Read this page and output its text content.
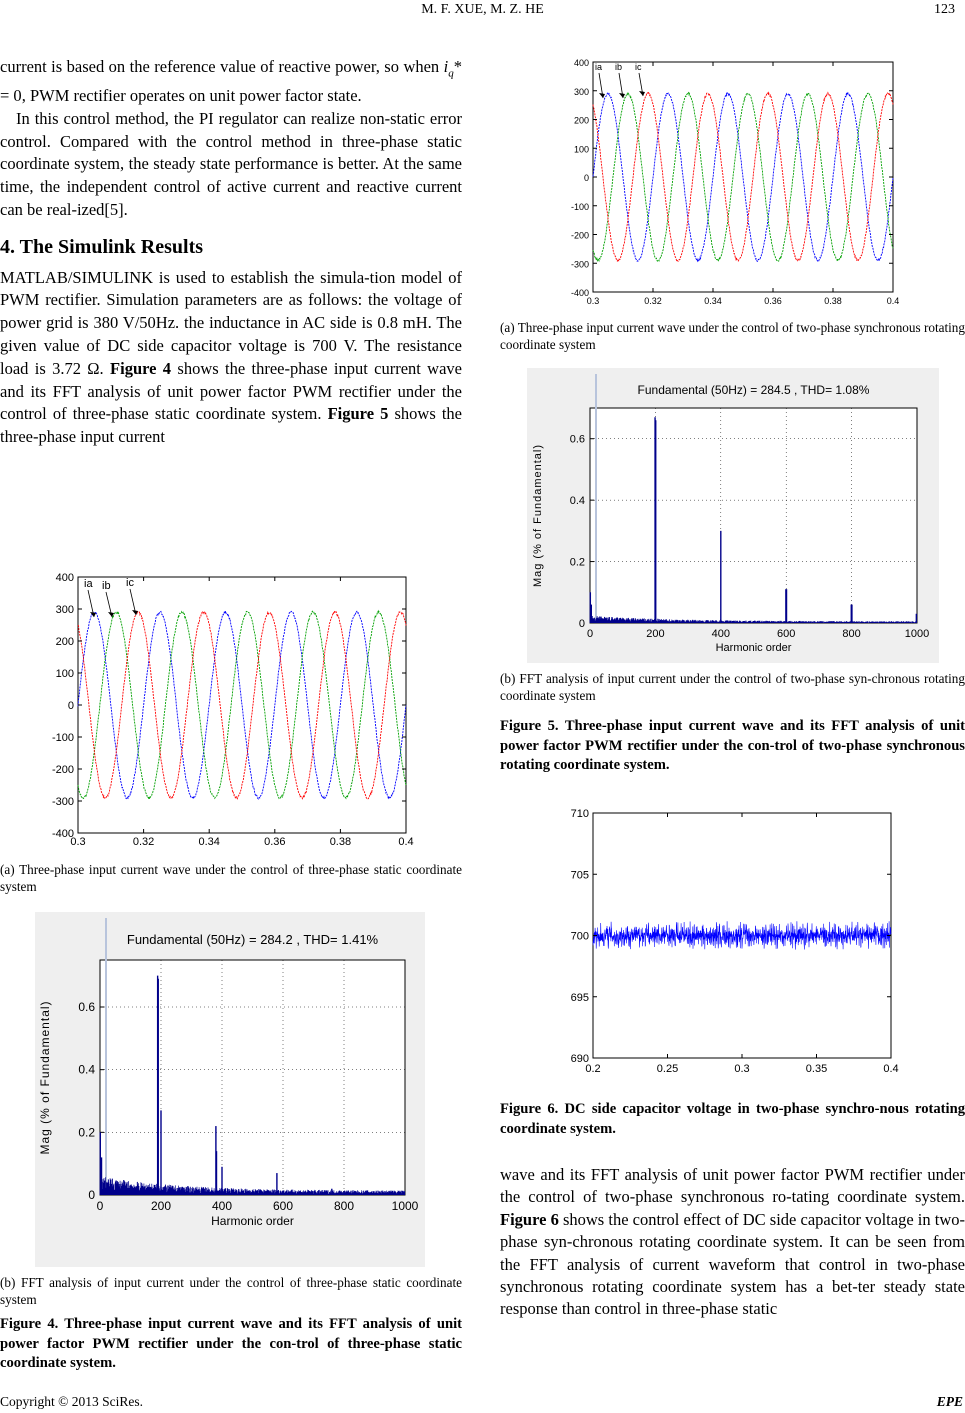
M. F. XUE, M. Z. HE	123

current is based on the reference value of reactive power, so when $i_q* = 0$, PWM rectifier operates on unit power factor state.

In this control method, the PI regulator can realize non-static error control. Compared with the control method in three-phase static coordinate system, the steady state performance is better. At the same time, the independent control of active current and reactive current can be real-ized[5].

4. The Simulink Results

MATLAB/SIMULINK is used to establish the simula-tion model of PWM rectifier. Simulation parameters are as follows: the voltage of power grid is 380 V/50Hz. the inductance in AC side is 0.8 mH. The given value of DC side capacitor voltage is 700 V. The resistance load is 3.72 Ω. Figure 4 shows the three-phase input current wave and its FFT analysis of unit power factor PWM rectifier under the control of three-phase static coordinate system. Figure 5 shows the three-phase input current

ia ib ic
0.3	0.32	0.34	0.36	0.38	0.4
400
300
200
100
0
-100
-200
-300
-400
(a) Three-phase input current wave under the control of three-phase static coordinate system
0
0.2
0.4
0.6
0	200	400	600	800	1000
Fundamental (50Hz) = 284.2 , THD= 1.41%
Harmonic order
Mag (% of Fundamental)
(b) FFT analysis of input current under the control of three-phase static coordinate system
Figure 4. Three-phase input current wave and its FFT analysis of unit power factor PWM rectifier under the con-trol of three-phase static coordinate system.
ia ib ic
0.3	0.32	0.34	0.36	0.38	0.4
400
300
200
100
0
-100
-200
-300
-400
(a) Three-phase input current wave under the control of two-phase synchronous rotating coordinate system
0
0.2
0.4
0.6
0	200	400	600	800	1000
Fundamental (50Hz) = 284.5 , THD= 1.08%
Harmonic order
Mag (% of Fundamental)
(b) FFT analysis of input current under the control of two-phase syn-chronous rotating coordinate system
Figure 5. Three-phase input current wave and its FFT analysis of unit power factor PWM rectifier under the con-trol of two-phase synchronous rotating coordinate system.
0.2	0.25	0.3	0.35	0.4
710
705
700
695
690
Figure 6. DC side capacitor voltage in two-phase synchro-nous rotating coordinate system.

wave and its FFT analysis of unit power factor PWM rectifier under the control of two-phase synchronous ro-tating coordinate system. Figure 6 shows the control effect of DC side capacitor voltage in two-phase syn-chronous rotating coordinate system. It can be seen from the FFT analysis of current waveform that control in two-phase synchronous rotating coordinate system has a bet-ter steady state response than control in three-phase static

Copyright © 2013 SciRes.	EPE
